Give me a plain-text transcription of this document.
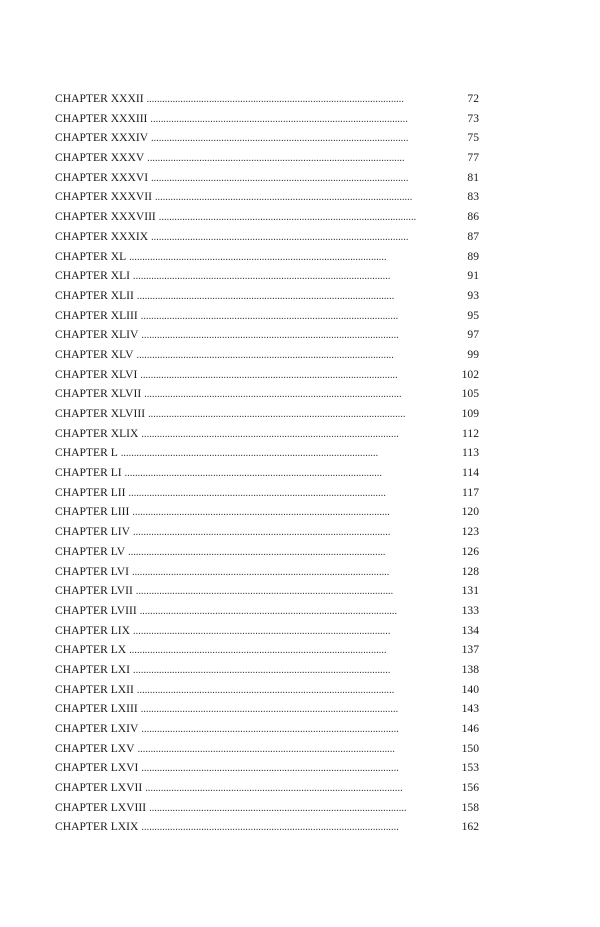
CHAPTER XXXII . . .	72
CHAPTER XXXIII . . .	73
CHAPTER XXXIV . . .	75
CHAPTER XXXV . . .	77
CHAPTER XXXVI . . .	81
CHAPTER XXXVII . . .	83
CHAPTER XXXVIII . . .	86
CHAPTER XXXIX . . .	87
CHAPTER XL . . .	89
CHAPTER XLI . . .	91
CHAPTER XLII . . .	93
CHAPTER XLIII . . .	95
CHAPTER XLIV . . .	97
CHAPTER XLV . . .	99
CHAPTER XLVI . . .	102
CHAPTER XLVII . . .	105
CHAPTER XLVIII . . .	109
CHAPTER XLIX . . .	112
CHAPTER L . . .	113
CHAPTER LI . . .	114
CHAPTER LII . . .	117
CHAPTER LIII . . .	120
CHAPTER LIV . . .	123
CHAPTER LV . . .	126
CHAPTER LVI . . .	128
CHAPTER LVII . . .	131
CHAPTER LVIII . . .	133
CHAPTER LIX . . .	134
CHAPTER LX . . .	137
CHAPTER LXI . . .	138
CHAPTER LXII . . .	140
CHAPTER LXIII . . .	143
CHAPTER LXIV . . .	146
CHAPTER LXV . . .	150
CHAPTER LXVI . . .	153
CHAPTER LXVII . . .	156
CHAPTER LXVIII . . .	158
CHAPTER LXIX . . .	162
